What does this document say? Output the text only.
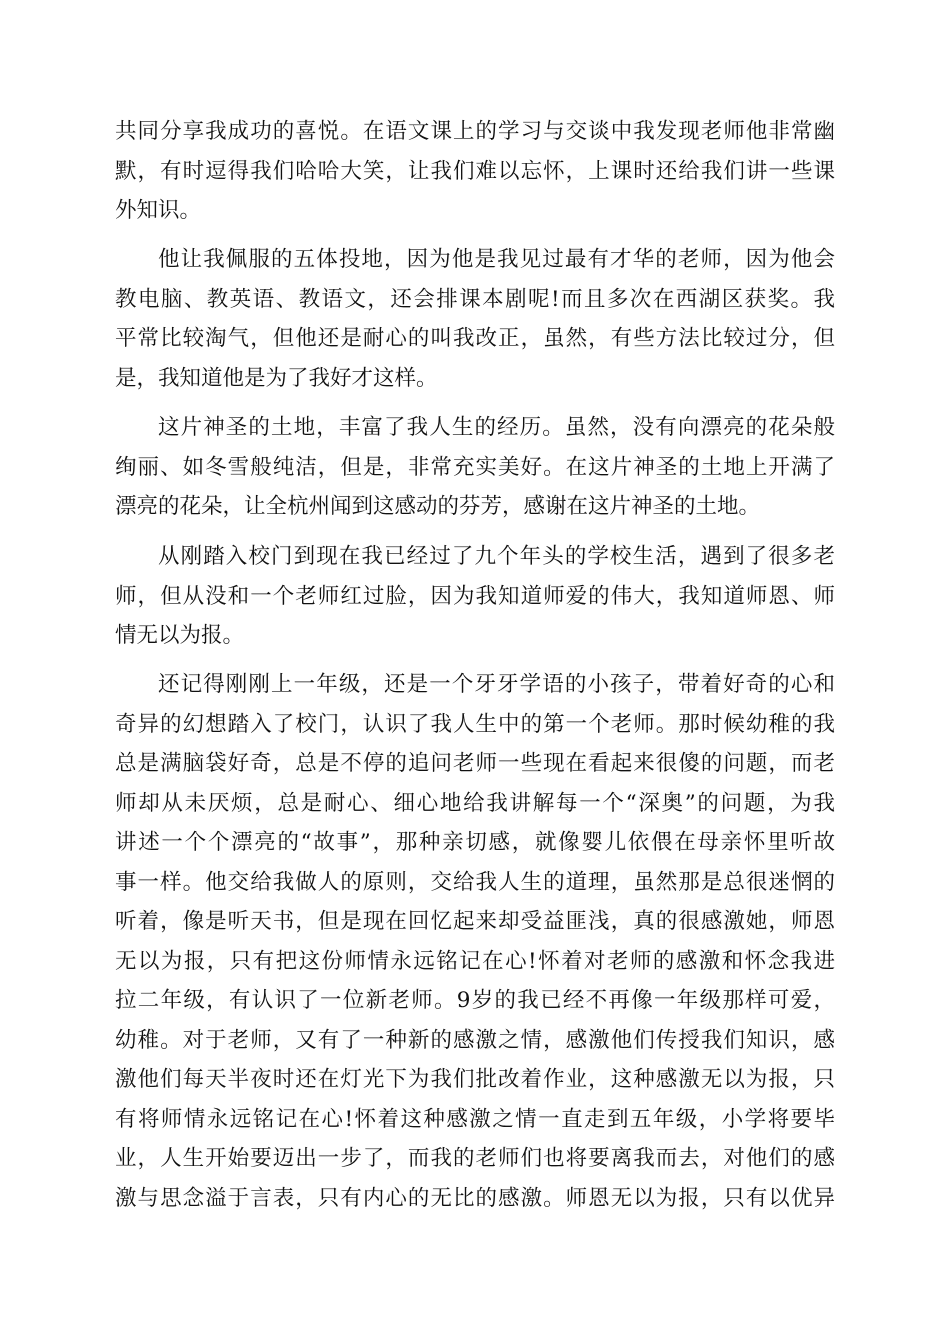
共同分享我成功的喜悦。在语文课上的学习与交谈中我发现老师他非常幽
默，有时逗得我们哈哈大笑，让我们难以忘怀，上课时还给我们讲一些课
外知识。
他让我佩服的五体投地，因为他是我见过最有才华的老师，因为他会
教电脑、教英语、教语文，还会排课本剧呢!而且多次在西湖区获奖。我
平常比较淘气，但他还是耐心的叫我改正，虽然，有些方法比较过分，但
是，我知道他是为了我好才这样。
这片神圣的土地，丰富了我人生的经历。虽然，没有向漂亮的花朵般
绚丽、如冬雪般纯洁，但是，非常充实美好。在这片神圣的土地上开满了
漂亮的花朵，让全杭州闻到这感动的芬芳，感谢在这片神圣的土地。
从刚踏入校门到现在我已经过了九个年头的学校生活，遇到了很多老
师，但从没和一个老师红过脸，因为我知道师爱的伟大，我知道师恩、师
情无以为报。
还记得刚刚上一年级，还是一个牙牙学语的小孩子，带着好奇的心和
奇异的幻想踏入了校门，认识了我人生中的第一个老师。那时候幼稚的我
总是满脑袋好奇，总是不停的追问老师一些现在看起来很傻的问题，而老
师却从未厌烦，总是耐心、细心地给我讲解每一个“深奥”的问题，为我
讲述一个个漂亮的“故事”，那种亲切感，就像婴儿依偎在母亲怀里听故
事一样。他交给我做人的原则，交给我人生的道理，虽然那是总很迷惘的
听着，像是听天书，但是现在回忆起来却受益匪浅，真的很感激她，师恩
无以为报，只有把这份师情永远铭记在心!怀着对老师的感激和怀念我进
拉二年级，有认识了一位新老师。9岁的我已经不再像一年级那样可爱，
幼稚。对于老师，又有了一种新的感激之情，感激他们传授我们知识，感
激他们每天半夜时还在灯光下为我们批改着作业，这种感激无以为报，只
有将师情永远铭记在心!怀着这种感激之情一直走到五年级，小学将要毕
业，人生开始要迈出一步了，而我的老师们也将要离我而去，对他们的感
激与思念溢于言表，只有内心的无比的感激。师恩无以为报，只有以优异
